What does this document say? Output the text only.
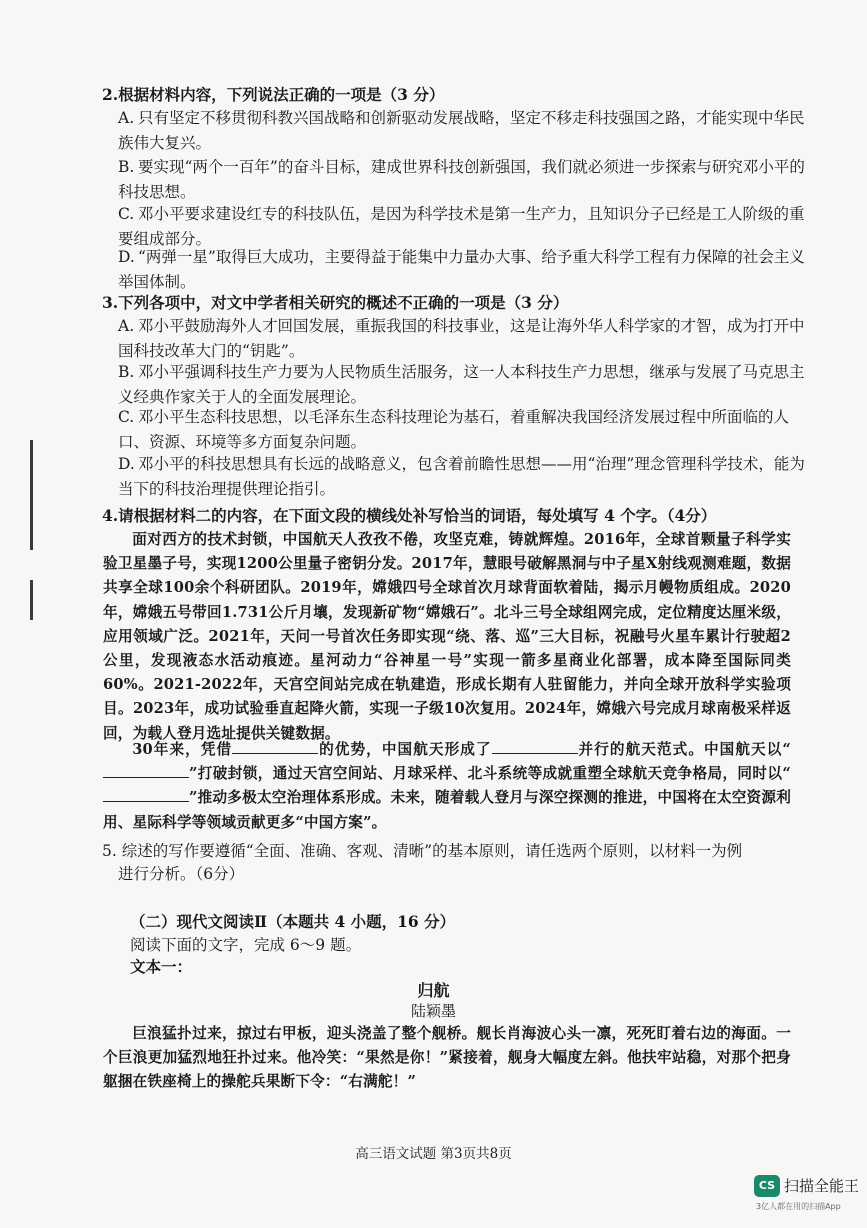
2.根据材料内容，下列说法正确的一项是（3 分）
A. 只有坚定不移贯彻科教兴国战略和创新驱动发展战略，坚定不移走科技强国之路，才能实现中华民族伟大复兴。
B. 要实现“两个一百年”的奋斗目标，建成世界科技创新强国，我们就必须进一步探索与研究邓小平的科技思想。
C. 邓小平要求建设红专的科技队伍，是因为科学技术是第一生产力，且知识分子已经是工人阶级的重要组成部分。
D. “两弹一星”取得巨大成功，主要得益于能集中力量办大事、给予重大科学工程有力保障的社会主义举国体制。
3.下列各项中，对文中学者相关研究的概述不正确的一项是（3 分）
A. 邓小平鼓励海外人才回国发展，重振我国的科技事业，这是让海外华人科学家的才智，成为打开中国科技改革大门的“钥匙”。
B. 邓小平强调科技生产力要为人民物质生活服务，这一人本科技生产力思想，继承与发展了马克思主义经典作家关于人的全面发展理论。
C. 邓小平生态科技思想，以毛泽东生态科技理论为基石，着重解决我国经济发展过程中所面临的人口、资源、环境等多方面复杂问题。
D. 邓小平的科技思想具有长远的战略意义，包含着前瞻性思想——用“治理”理念管理科学技术，能为当下的科技治理提供理论指引。
4.请根据材料二的内容，在下面文段的横线处补写恰当的词语，每处填写 4 个字。（4分）
面对西方的技术封锁，中国航天人孜孜不倦，攻坚克难，铸就辉煌。2016年，全球首颗量子科学实验卫星墨子号，实现1200公里量子密钥分发。2017年，慧眼号破解黑洞与中子星X射线观测难题，数据共享全球100余个科研团队。2019年，嫦娥四号全球首次月球背面软着陆，揭示月幔物质组成。2020年，嫦娥五号带回1.731公斤月壤，发现新矿物“嫦娥石”。北斗三号全球组网完成，定位精度达厘米级，应用领域广泛。2021年，天问一号首次任务即实现“绕、落、巡”三大目标，祝融号火星车累计行驶超2公里，发现液态水活动痕迹。星河动力“谷神星一号”实现一箭多星商业化部署，成本降至国际同类60%。2021-2022年，天宫空间站完成在轨建造，形成长期有人驻留能力，并向全球开放科学实验项目。2023年，成功试验垂直起降火箭，实现一子级10次复用。2024年，嫦娥六号完成月球南极采样返回，为载人登月选址提供关键数据。
30年来，凭借	的优势，中国航天形成了	并行的航天范式。中国航天以“”打破封锁，通过天宫空间站、月球采样、北斗系统等成就重塑全球航天竞争格局，同时以“”推动多极太空治理体系形成。未来，随着载人登月与深空探测的推进，中国将在太空资源利用、星际科学等领域贡献更多“中国方案”。
5. 综述的写作要遵循“全面、准确、客观、清晰”的基本原则，请任选两个原则，以材料一为例
进行分析。（6分）
（二）现代文阅读Ⅱ（本题共 4 小题，16 分）
阅读下面的文字，完成 6～9 题。
文本一：
归航
陆颖墨
巨浪猛扑过来，掠过右甲板，迎头浇盖了整个舰桥。舰长肖海波心头一凛，死死盯着右边的海面。一个巨浪更加猛烈地狂扑过来。他冷笑：“果然是你！”紧接着，舰身大幅度左斜。他扶牢站稳，对那个把身躯捆在铁座椅上的操舵兵果断下令：“右满舵！”
高三语文试题 第3页共8页
CS 扫描全能王
3亿人都在用的扫描App
